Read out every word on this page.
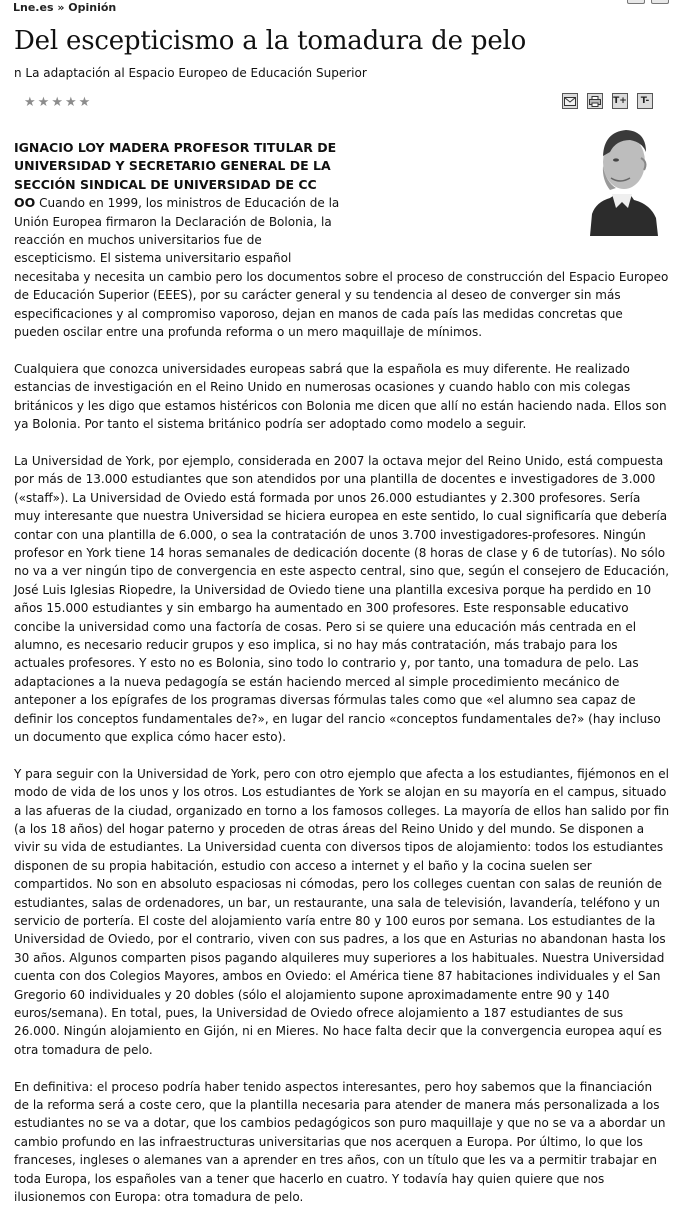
Lne.es » Opinión
Del escepticismo a la tomadura de pelo
n La adaptación al Espacio Europeo de Educación Superior
★ ★ ★ ★ ★	T+	T-

IGNACIO LOY MADERA PROFESOR TITULAR DE
UNIVERSIDAD Y SECRETARIO GENERAL DE LA
SECCIÓN SINDICAL DE UNIVERSIDAD DE CC
OO Cuando en 1999, los ministros de Educación de la
Unión Europea firmaron la Declaración de Bolonia, la
reacción en muchos universitarios fue de
escepticismo. El sistema universitario español
necesitaba y necesita un cambio pero los documentos sobre el proceso de construcción del Espacio Europeo de Educación Superior (EEES), por su carácter general y su tendencia al deseo de converger sin más especificaciones y al compromiso vaporoso, dejan en manos de cada país las medidas concretas que pueden oscilar entre una profunda reforma o un mero maquillaje de mínimos.

Cualquiera que conozca universidades europeas sabrá que la española es muy diferente. He realizado estancias de investigación en el Reino Unido en numerosas ocasiones y cuando hablo con mis colegas británicos y les digo que estamos histéricos con Bolonia me dicen que allí no están haciendo nada. Ellos son ya Bolonia. Por tanto el sistema británico podría ser adoptado como modelo a seguir.

La Universidad de York, por ejemplo, considerada en 2007 la octava mejor del Reino Unido, está compuesta por más de 13.000 estudiantes que son atendidos por una plantilla de docentes e investigadores de 3.000 («staff»). La Universidad de Oviedo está formada por unos 26.000 estudiantes y 2.300 profesores. Sería muy interesante que nuestra Universidad se hiciera europea en este sentido, lo cual significaría que debería contar con una plantilla de 6.000, o sea la contratación de unos 3.700 investigadores-profesores. Ningún profesor en York tiene 14 horas semanales de dedicación docente (8 horas de clase y 6 de tutorías). No sólo no va a ver ningún tipo de convergencia en este aspecto central, sino que, según el consejero de Educación, José Luis Iglesias Riopedre, la Universidad de Oviedo tiene una plantilla excesiva porque ha perdido en 10 años 15.000 estudiantes y sin embargo ha aumentado en 300 profesores. Este responsable educativo concibe la universidad como una factoría de cosas. Pero si se quiere una educación más centrada en el alumno, es necesario reducir grupos y eso implica, si no hay más contratación, más trabajo para los actuales profesores. Y esto no es Bolonia, sino todo lo contrario y, por tanto, una tomadura de pelo. Las adaptaciones a la nueva pedagogía se están haciendo merced al simple procedimiento mecánico de anteponer a los epígrafes de los programas diversas fórmulas tales como que «el alumno sea capaz de definir los conceptos fundamentales de?», en lugar del rancio «conceptos fundamentales de?» (hay incluso un documento que explica cómo hacer esto).

Y para seguir con la Universidad de York, pero con otro ejemplo que afecta a los estudiantes, fijémonos en el modo de vida de los unos y los otros. Los estudiantes de York se alojan en su mayoría en el campus, situado a las afueras de la ciudad, organizado en torno a los famosos colleges. La mayoría de ellos han salido por fin (a los 18 años) del hogar paterno y proceden de otras áreas del Reino Unido y del mundo. Se disponen a vivir su vida de estudiantes. La Universidad cuenta con diversos tipos de alojamiento: todos los estudiantes disponen de su propia habitación, estudio con acceso a internet y el baño y la cocina suelen ser compartidos. No son en absoluto espaciosas ni cómodas, pero los colleges cuentan con salas de reunión de estudiantes, salas de ordenadores, un bar, un restaurante, una sala de televisión, lavandería, teléfono y un servicio de portería. El coste del alojamiento varía entre 80 y 100 euros por semana. Los estudiantes de la Universidad de Oviedo, por el contrario, viven con sus padres, a los que en Asturias no abandonan hasta los 30 años. Algunos comparten pisos pagando alquileres muy superiores a los habituales. Nuestra Universidad cuenta con dos Colegios Mayores, ambos en Oviedo: el América tiene 87 habitaciones individuales y el San Gregorio 60 individuales y 20 dobles (sólo el alojamiento supone aproximadamente entre 90 y 140 euros/semana). En total, pues, la Universidad de Oviedo ofrece alojamiento a 187 estudiantes de sus 26.000. Ningún alojamiento en Gijón, ni en Mieres. No hace falta decir que la convergencia europea aquí es otra tomadura de pelo.

En definitiva: el proceso podría haber tenido aspectos interesantes, pero hoy sabemos que la financiación de la reforma será a coste cero, que la plantilla necesaria para atender de manera más personalizada a los estudiantes no se va a dotar, que los cambios pedagógicos son puro maquillaje y que no se va a abordar un cambio profundo en las infraestructuras universitarias que nos acerquen a Europa. Por último, lo que los franceses, ingleses o alemanes van a aprender en tres años, con un título que les va a permitir trabajar en toda Europa, los españoles van a tener que hacerlo en cuatro. Y todavía hay quien quiere que nos ilusionemos con Europa: otra tomadura de pelo.
